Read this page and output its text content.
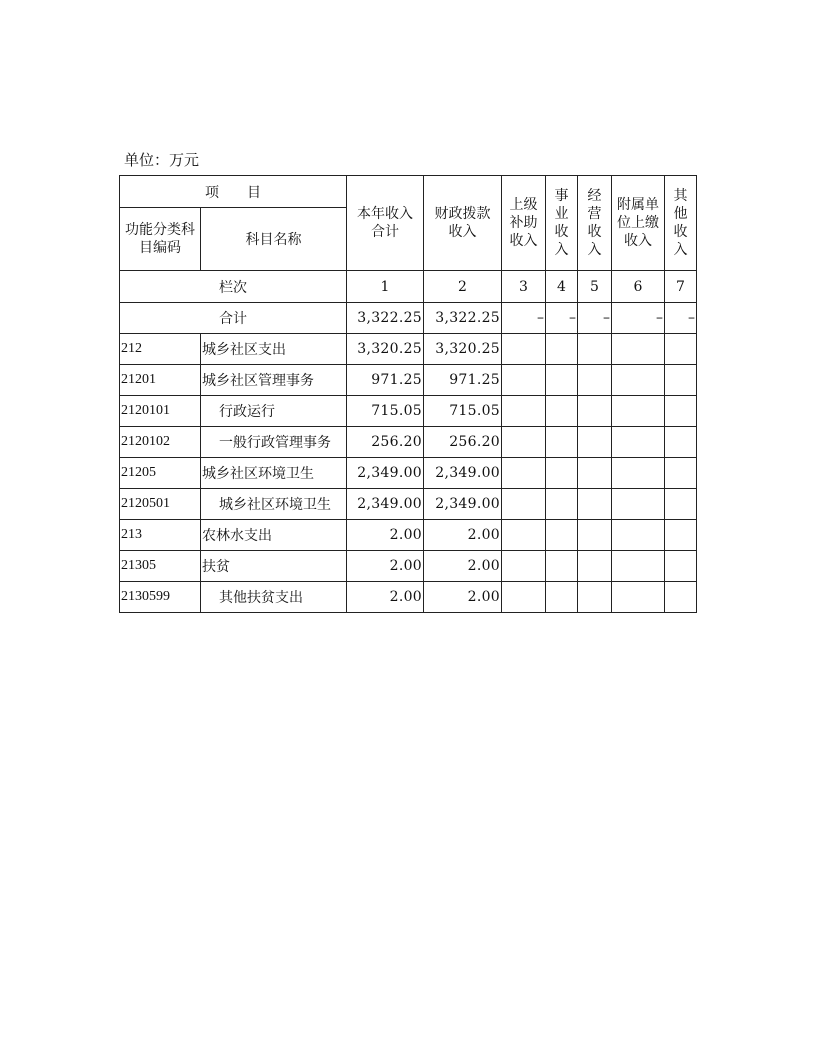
单位：万元
项　　目		本年收入合计	财政拨款收入	上级补助收入	事业收入	经营收入	附属单位上缴收入	其他收入
功能分类科目编码	科目名称							
栏次		1	2	3	4	5	6	7
合计		3,322.25	3,322.25	–	–	–	–	–
212	城乡社区支出	3,320.25	3,320.25					
21201	城乡社区管理事务	971.25	971.25					
2120101	行政运行	715.05	715.05					
2120102	一般行政管理事务	256.20	256.20					
21205	城乡社区环境卫生	2,349.00	2,349.00					
2120501	城乡社区环境卫生	2,349.00	2,349.00					
213	农林水支出	2.00	2.00					
21305	扶贫	2.00	2.00					
2130599	其他扶贫支出	2.00	2.00					
